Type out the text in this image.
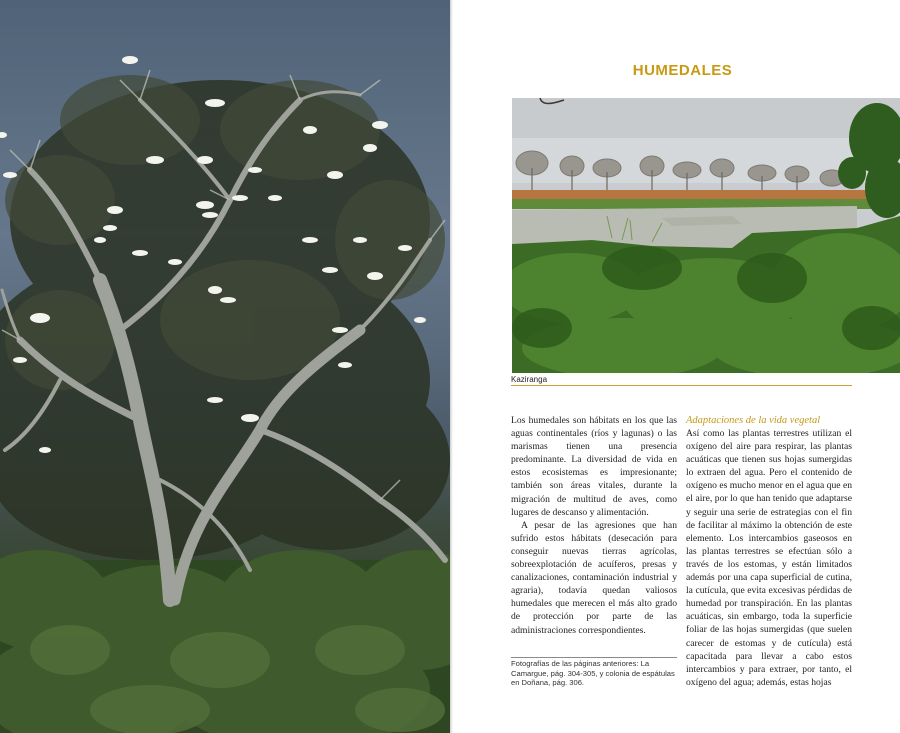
HUMEDALES
Kaziranga

Los humedales son hábitats en los que las aguas continentales (ríos y lagunas) o las marismas tienen una presencia predominante. La diversidad de vida en estos ecosistemas es impresionante; también son áreas vitales, durante la migración de multitud de aves, como lugares de descanso y alimentación.

A pesar de las agresiones que han sufrido estos hábitats (desecación para conseguir nuevas tierras agrícolas, sobreexplotación de acuíferos, presas y canalizaciones, contaminación industrial y agraria), todavía quedan valiosos humedales que merecen el más alto grado de protección por parte de las administraciones correspondientes.

Adaptaciones de la vida vegetal

Así como las plantas terrestres utilizan el oxígeno del aire para respirar, las plantas acuáticas que tienen sus hojas sumergidas lo extraen del agua. Pero el contenido de oxígeno es mucho menor en el agua que en el aire, por lo que han tenido que adaptarse y seguir una serie de estrategias con el fin de facilitar al máximo la obtención de este elemento. Los intercambios gaseosos en las plantas terrestres se efectúan sólo a través de los estomas, y están limitados además por una capa superficial de cutina, la cutícula, que evita excesivas pérdidas de humedad por transpiración. En las plantas acuáticas, sin embargo, toda la superficie foliar de las hojas sumergidas (que suelen carecer de estomas y de cutícula) está capacitada para llevar a cabo estos intercambios y para extraer, por tanto, el oxígeno del agua; además, estas hojas

Fotografías de las páginas anteriores: La Camargue, pág. 304-305, y colonia de espátulas en Doñana, pág. 306.
